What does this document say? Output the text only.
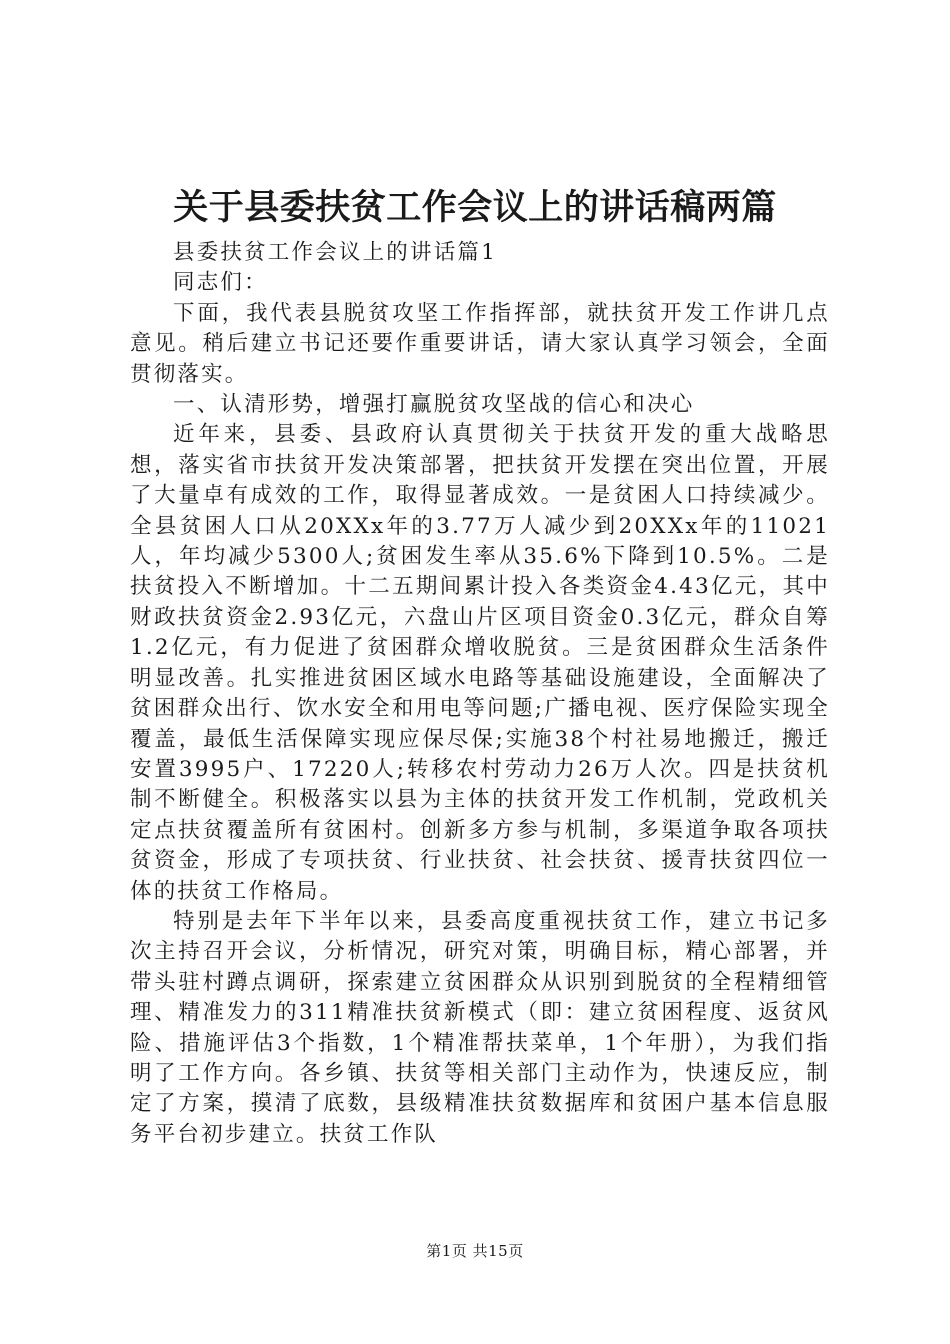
关于县委扶贫工作会议上的讲话稿两篇

县委扶贫工作会议上的讲话篇1

同志们：

下面，我代表县脱贫攻坚工作指挥部，就扶贫开发工作讲几点意见。稍后建立书记还要作重要讲话，请大家认真学习领会，全面贯彻落实。

一、认清形势，增强打赢脱贫攻坚战的信心和决心

近年来，县委、县政府认真贯彻关于扶贫开发的重大战略思想，落实省市扶贫开发决策部署，把扶贫开发摆在突出位置，开展了大量卓有成效的工作，取得显著成效。一是贫困人口持续减少。全县贫困人口从20XXx年的3.77万人减少到20XXx年的11021人，年均减少5300人;贫困发生率从35.6%下降到10.5%。二是扶贫投入不断增加。十二五期间累计投入各类资金4.43亿元，其中财政扶贫资金2.93亿元，六盘山片区项目资金0.3亿元，群众自筹1.2亿元，有力促进了贫困群众增收脱贫。三是贫困群众生活条件明显改善。扎实推进贫困区域水电路等基础设施建设，全面解决了贫困群众出行、饮水安全和用电等问题;广播电视、医疗保险实现全覆盖，最低生活保障实现应保尽保;实施38个村社易地搬迁，搬迁安置3995户、17220人;转移农村劳动力26万人次。四是扶贫机制不断健全。积极落实以县为主体的扶贫开发工作机制，党政机关定点扶贫覆盖所有贫困村。创新多方参与机制，多渠道争取各项扶贫资金，形成了专项扶贫、行业扶贫、社会扶贫、援青扶贫四位一体的扶贫工作格局。

特别是去年下半年以来，县委高度重视扶贫工作，建立书记多次主持召开会议，分析情况，研究对策，明确目标，精心部署，并带头驻村蹲点调研，探索建立贫困群众从识别到脱贫的全程精细管理、精准发力的311精准扶贫新模式（即：建立贫困程度、返贫风险、措施评估3个指数，1个精准帮扶菜单，1个年册），为我们指明了工作方向。各乡镇、扶贫等相关部门主动作为，快速反应，制定了方案，摸清了底数，县级精准扶贫数据库和贫困户基本信息服务平台初步建立。扶贫工作队

第1页 共15页
